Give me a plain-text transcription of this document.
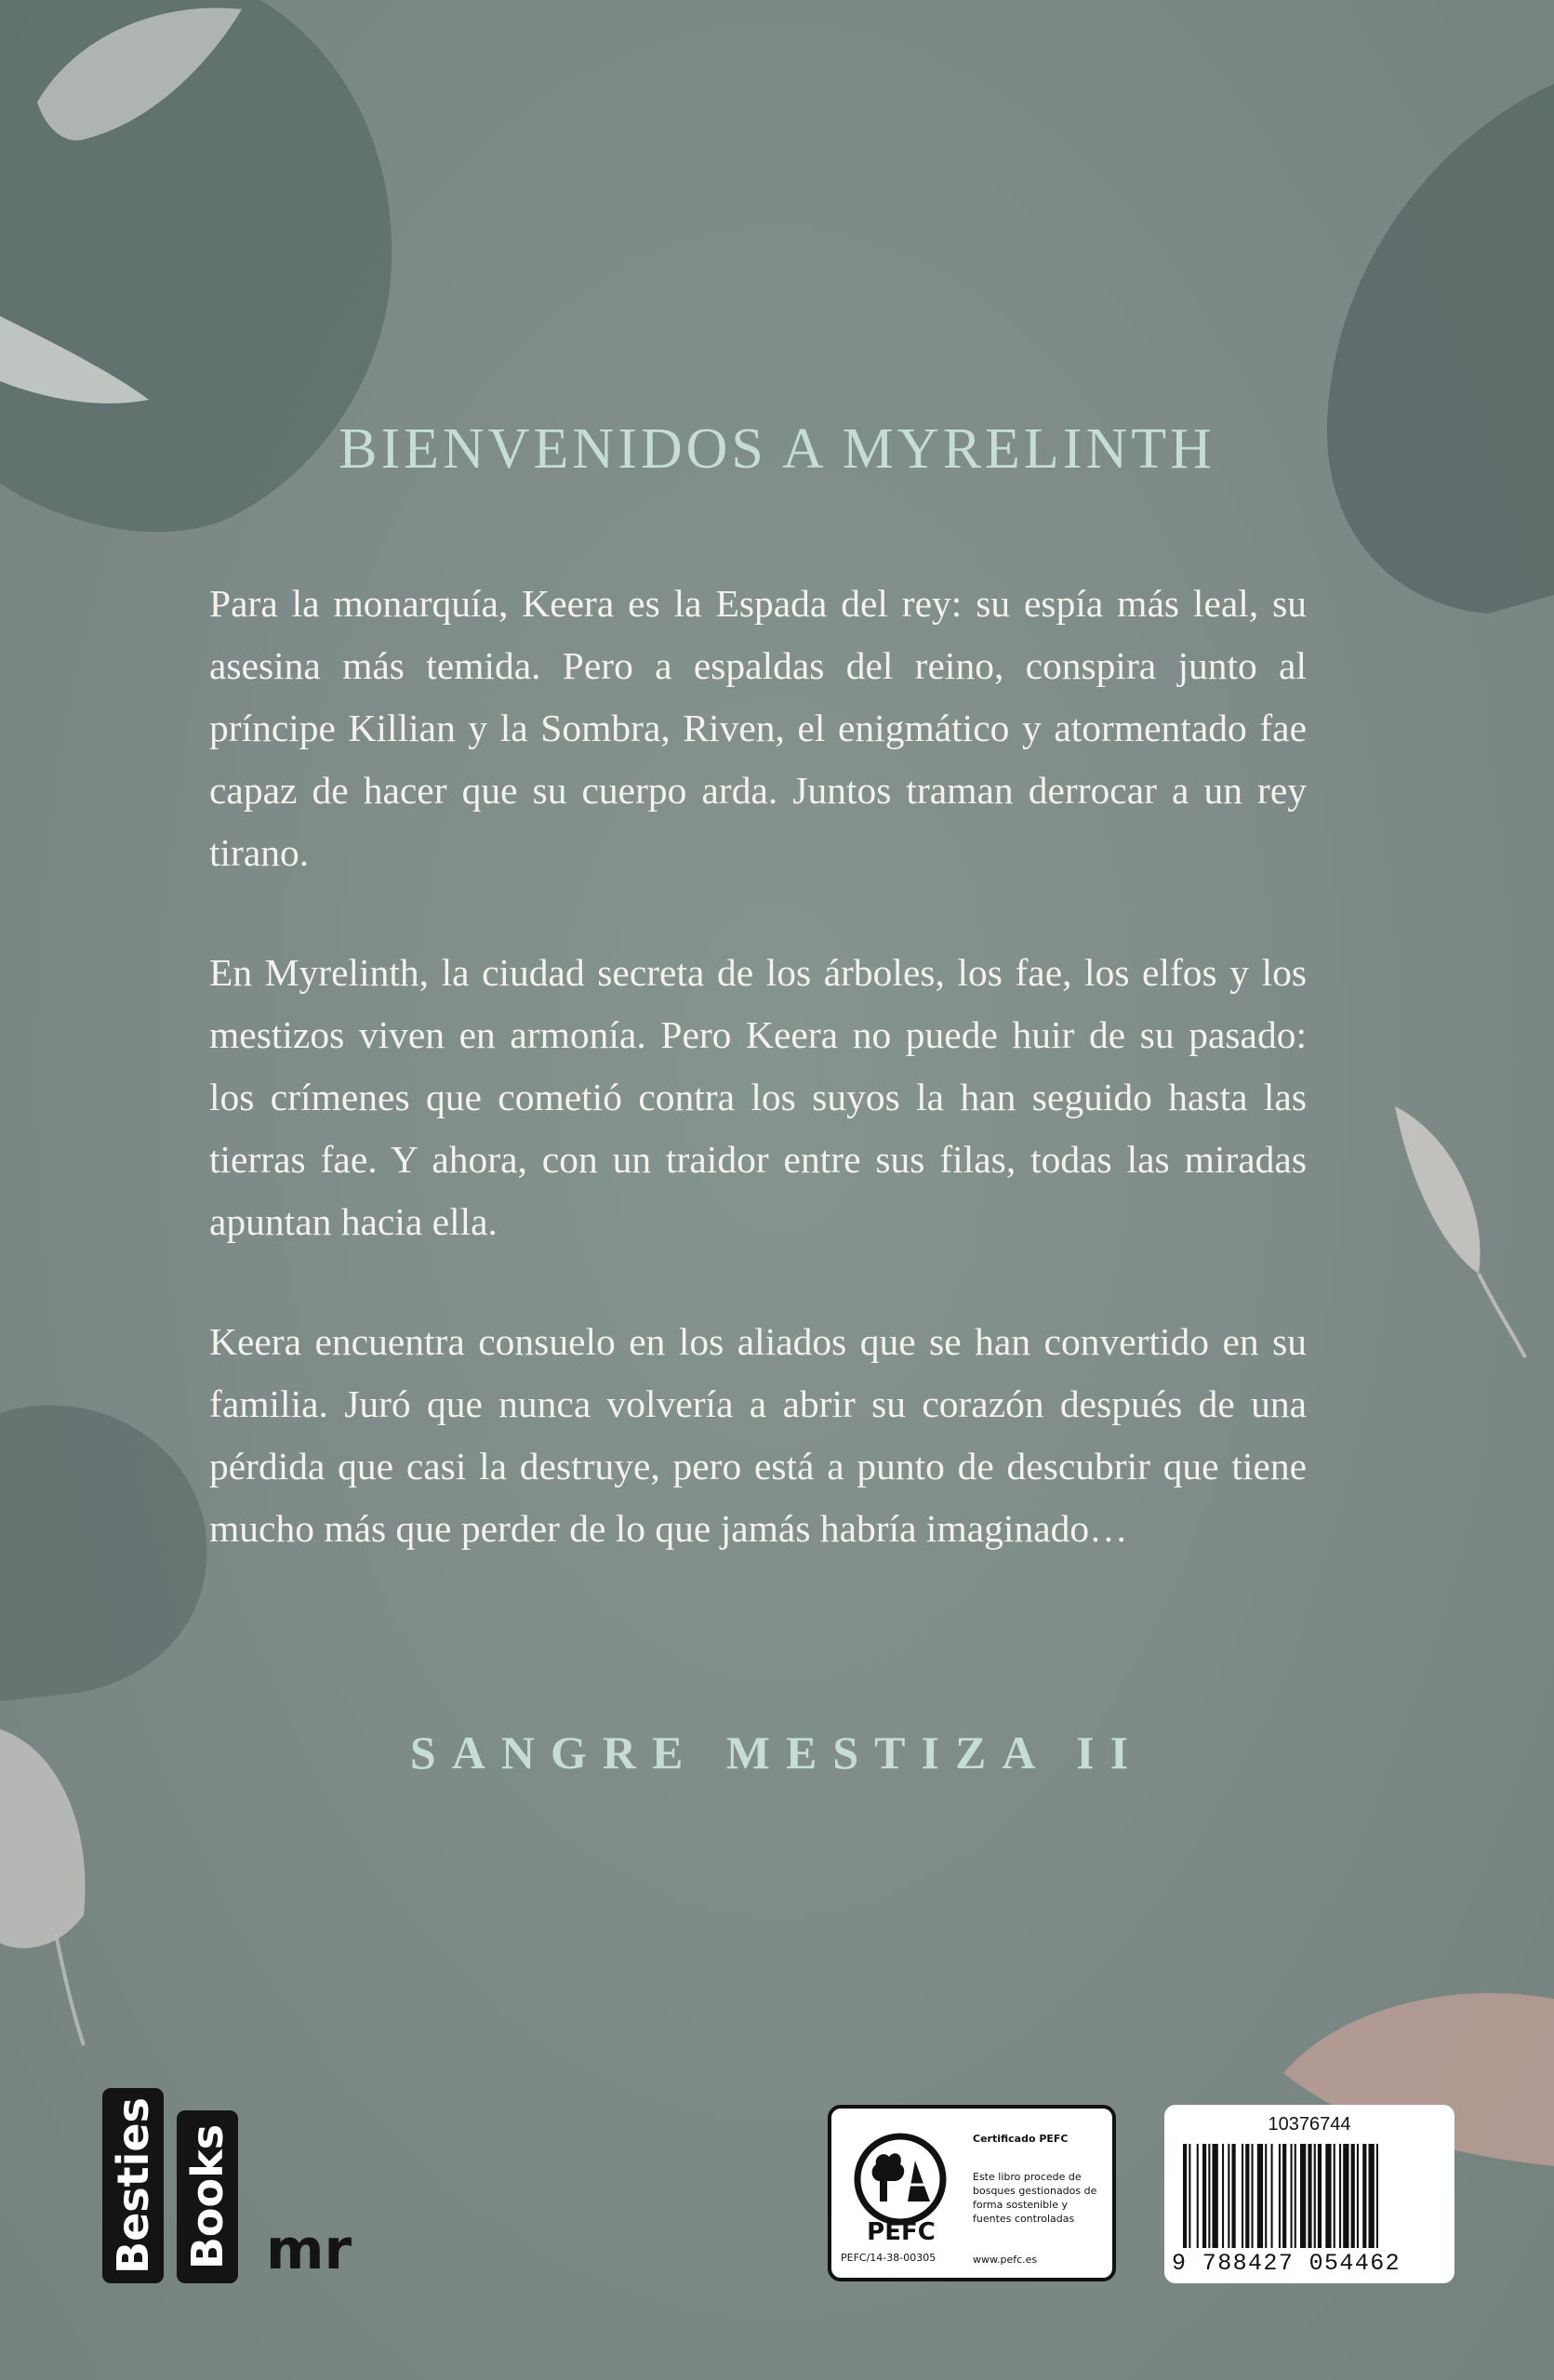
BIENVENIDOS A MYRELINTH

Para la monarquía, Keera es la Espada del rey: su espía más leal, su asesina más temida. Pero a espaldas del reino, conspira junto al príncipe Killian y la Sombra, Riven, el enigmático y atormentado fae capaz de hacer que su cuerpo arda. Juntos traman derrocar a un rey tirano.

En Myrelinth, la ciudad secreta de los árboles, los fae, los elfos y los mestizos viven en armonía. Pero Keera no puede huir de su pasado: los crímenes que cometió contra los suyos la han seguido hasta las tierras fae. Y ahora, con un traidor entre sus filas, todas las miradas apuntan hacia ella.

Keera encuentra consuelo en los aliados que se han convertido en su familia. Juró que nunca volvería a abrir su corazón después de una pérdida que casi la destruye, pero está a punto de descubrir que tiene mucho más que perder de lo que jamás habría imaginado…

SANGRE MESTIZA II
Besties Books mr	PEFC
PEFC/14-38-00305
Certificado PEFC
Este libro procede de bosques gestionados de forma sostenible y fuentes controladas
www.pefc.es
10376744
9 788427 054462
